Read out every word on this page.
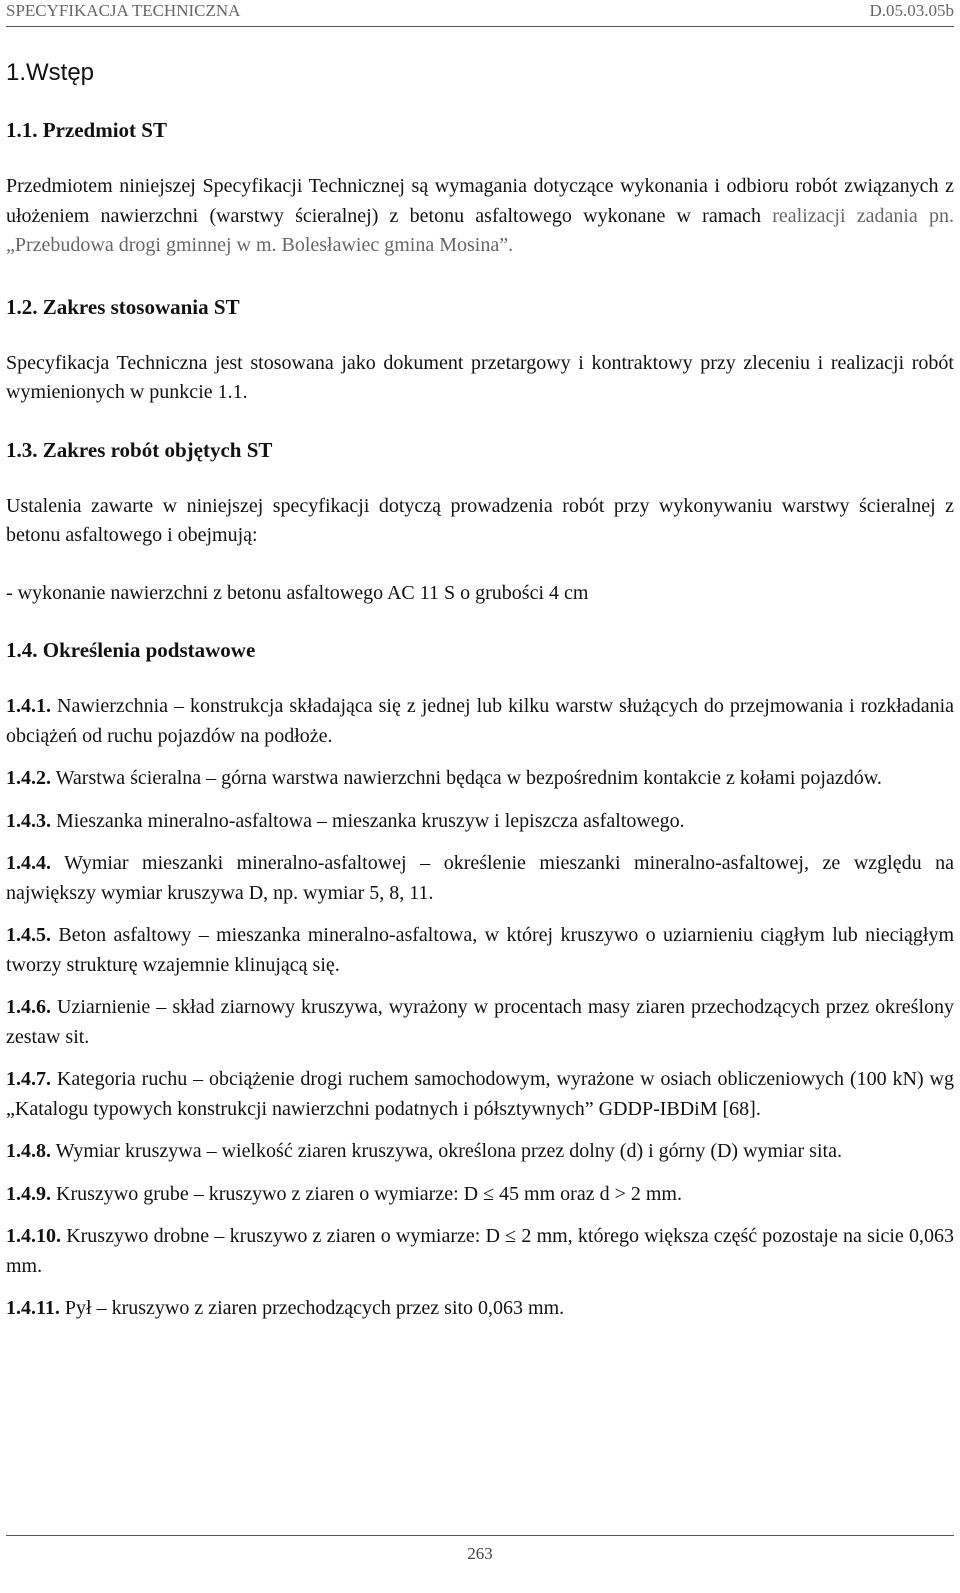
SPECYFIKACJA TECHNICZNA	D.05.03.05b
1.Wstęp
1.1. Przedmiot ST

Przedmiotem niniejszej Specyfikacji Technicznej są wymagania dotyczące wykonania i odbioru robót związanych z ułożeniem nawierzchni (warstwy ścieralnej) z betonu asfaltowego wykonane w ramach realizacji zadania pn. „Przebudowa drogi gminnej w m. Bolesławiec gmina Mosina”.

1.2. Zakres stosowania ST

Specyfikacja Techniczna jest stosowana jako dokument przetargowy i kontraktowy przy zleceniu i realizacji robót wymienionych w punkcie 1.1.

1.3. Zakres robót objętych ST

Ustalenia zawarte w niniejszej specyfikacji dotyczą prowadzenia robót przy wykonywaniu warstwy ścieralnej z betonu asfaltowego i obejmują:

- wykonanie nawierzchni z betonu asfaltowego AC 11 S o grubości 4 cm

1.4. Określenia podstawowe

1.4.1. Nawierzchnia – konstrukcja składająca się z jednej lub kilku warstw służących do przejmowania i rozkładania obciążeń od ruchu pojazdów na podłoże.

1.4.2. Warstwa ścieralna – górna warstwa nawierzchni będąca w bezpośrednim kontakcie z kołami pojazdów.

1.4.3. Mieszanka mineralno-asfaltowa – mieszanka kruszyw i lepiszcza asfaltowego.

1.4.4. Wymiar mieszanki mineralno-asfaltowej – określenie mieszanki mineralno-asfaltowej, ze względu na największy wymiar kruszywa D, np. wymiar 5, 8, 11.

1.4.5. Beton asfaltowy – mieszanka mineralno-asfaltowa, w której kruszywo o uziarnieniu ciągłym lub nieciągłym tworzy strukturę wzajemnie klinującą się.

1.4.6. Uziarnienie – skład ziarnowy kruszywa, wyrażony w procentach masy ziaren przechodzących przez określony zestaw sit.

1.4.7. Kategoria ruchu – obciążenie drogi ruchem samochodowym, wyrażone w osiach obliczeniowych (100 kN) wg „Katalogu typowych konstrukcji nawierzchni podatnych i półsztywnych” GDDP-IBDiM [68].

1.4.8. Wymiar kruszywa – wielkość ziaren kruszywa, określona przez dolny (d) i górny (D) wymiar sita.

1.4.9. Kruszywo grube – kruszywo z ziaren o wymiarze: D ≤ 45 mm oraz d > 2 mm.

1.4.10. Kruszywo drobne – kruszywo z ziaren o wymiarze: D ≤ 2 mm, którego większa część pozostaje na sicie 0,063 mm.

1.4.11. Pył – kruszywo z ziaren przechodzących przez sito 0,063 mm.

263
